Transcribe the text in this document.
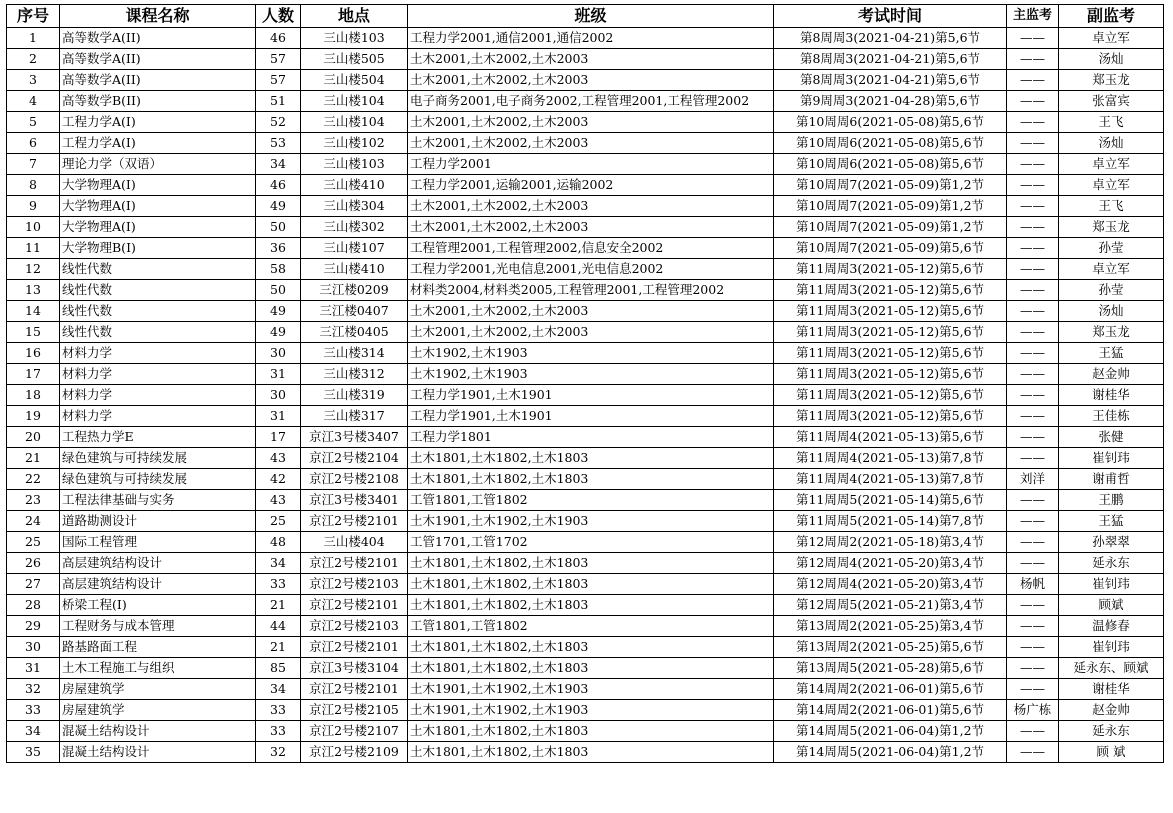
序号	课程名称	人数	地点	班级	考试时间	主监考	副监考
1	高等数学A(II)	46	三山楼103	工程力学2001,通信2001,通信2002	第8周周3(2021-04-21)第5,6节	——	卓立军
2	高等数学A(II)	57	三山楼505	土木2001,土木2002,土木2003	第8周周3(2021-04-21)第5,6节	——	汤灿
3	高等数学A(II)	57	三山楼504	土木2001,土木2002,土木2003	第8周周3(2021-04-21)第5,6节	——	郑玉龙
4	高等数学B(II)	51	三山楼104	电子商务2001,电子商务2002,工程管理2001,工程管理2002	第9周周3(2021-04-28)第5,6节	——	张富宾
5	工程力学A(I)	52	三山楼104	土木2001,土木2002,土木2003	第10周周6(2021-05-08)第5,6节	——	王飞
6	工程力学A(I)	53	三山楼102	土木2001,土木2002,土木2003	第10周周6(2021-05-08)第5,6节	——	汤灿
7	理论力学（双语）	34	三山楼103	工程力学2001	第10周周6(2021-05-08)第5,6节	——	卓立军
8	大学物理A(I)	46	三山楼410	工程力学2001,运输2001,运输2002	第10周周7(2021-05-09)第1,2节	——	卓立军
9	大学物理A(I)	49	三山楼304	土木2001,土木2002,土木2003	第10周周7(2021-05-09)第1,2节	——	王飞
10	大学物理A(I)	50	三山楼302	土木2001,土木2002,土木2003	第10周周7(2021-05-09)第1,2节	——	郑玉龙
11	大学物理B(I)	36	三山楼107	工程管理2001,工程管理2002,信息安全2002	第10周周7(2021-05-09)第5,6节	——	孙莹
12	线性代数	58	三山楼410	工程力学2001,光电信息2001,光电信息2002	第11周周3(2021-05-12)第5,6节	——	卓立军
13	线性代数	50	三江楼0209	材料类2004,材料类2005,工程管理2001,工程管理2002	第11周周3(2021-05-12)第5,6节	——	孙莹
14	线性代数	49	三江楼0407	土木2001,土木2002,土木2003	第11周周3(2021-05-12)第5,6节	——	汤灿
15	线性代数	49	三江楼0405	土木2001,土木2002,土木2003	第11周周3(2021-05-12)第5,6节	——	郑玉龙
16	材料力学	30	三山楼314	土木1902,土木1903	第11周周3(2021-05-12)第5,6节	——	王猛
17	材料力学	31	三山楼312	土木1902,土木1903	第11周周3(2021-05-12)第5,6节	——	赵金帅
18	材料力学	30	三山楼319	工程力学1901,土木1901	第11周周3(2021-05-12)第5,6节	——	谢桂华
19	材料力学	31	三山楼317	工程力学1901,土木1901	第11周周3(2021-05-12)第5,6节	——	王佳栋
20	工程热力学E	17	京江3号楼3407	工程力学1801	第11周周4(2021-05-13)第5,6节	——	张健
21	绿色建筑与可持续发展	43	京江2号楼2104	土木1801,土木1802,土木1803	第11周周4(2021-05-13)第7,8节	——	崔钊玮
22	绿色建筑与可持续发展	42	京江2号楼2108	土木1801,土木1802,土木1803	第11周周4(2021-05-13)第7,8节	刘洋	谢甫哲
23	工程法律基础与实务	43	京江3号楼3401	工管1801,工管1802	第11周周5(2021-05-14)第5,6节	——	王鹏
24	道路勘测设计	25	京江2号楼2101	土木1901,土木1902,土木1903	第11周周5(2021-05-14)第7,8节	——	王猛
25	国际工程管理	48	三山楼404	工管1701,工管1702	第12周周2(2021-05-18)第3,4节	——	孙翠翠
26	高层建筑结构设计	34	京江2号楼2101	土木1801,土木1802,土木1803	第12周周4(2021-05-20)第3,4节	——	延永东
27	高层建筑结构设计	33	京江2号楼2103	土木1801,土木1802,土木1803	第12周周4(2021-05-20)第3,4节	杨帆	崔钊玮
28	桥梁工程(I)	21	京江2号楼2101	土木1801,土木1802,土木1803	第12周周5(2021-05-21)第3,4节	——	顾斌
29	工程财务与成本管理	44	京江2号楼2103	工管1801,工管1802	第13周周2(2021-05-25)第3,4节	——	温修春
30	路基路面工程	21	京江2号楼2101	土木1801,土木1802,土木1803	第13周周2(2021-05-25)第5,6节	——	崔钊玮
31	土木工程施工与组织	85	京江3号楼3104	土木1801,土木1802,土木1803	第13周周5(2021-05-28)第5,6节	——	延永东、顾斌
32	房屋建筑学	34	京江2号楼2101	土木1901,土木1902,土木1903	第14周周2(2021-06-01)第5,6节	——	谢桂华
33	房屋建筑学	33	京江2号楼2105	土木1901,土木1902,土木1903	第14周周2(2021-06-01)第5,6节	杨广栋	赵金帅
34	混凝土结构设计	33	京江2号楼2107	土木1801,土木1802,土木1803	第14周周5(2021-06-04)第1,2节	——	延永东
35	混凝土结构设计	32	京江2号楼2109	土木1801,土木1802,土木1803	第14周周5(2021-06-04)第1,2节	——	顾 斌
